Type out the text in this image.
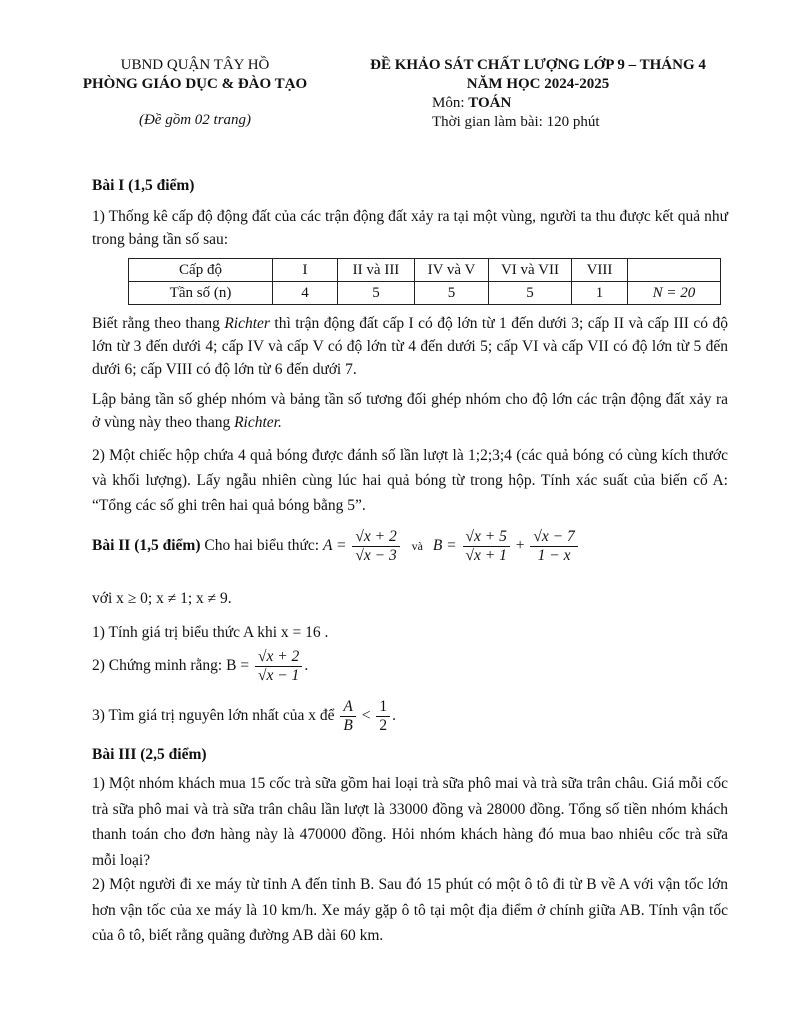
UBND QUẬN TÂY HỒ
PHÒNG GIÁO DỤC & ĐÀO TẠO
(Đề gồm 02 trang)
ĐỀ KHẢO SÁT CHẤT LƯỢNG LỚP 9 – THÁNG 4
NĂM HỌC 2024-2025
Môn: TOÁN
Thời gian làm bài: 120 phút
Bài I (1,5 điểm)
1) Thống kê cấp độ động đất của các trận động đất xảy ra tại một vùng, người ta thu được kết quả như trong bảng tần số sau:
Cấp độ	I	II và III	IV và V	VI và VII	VIII	
Tần số (n)	4	5	5	5	1	N = 20
Biết rằng theo thang Richter thì trận động đất cấp I có độ lớn từ 1 đến dưới 3; cấp II và cấp III có độ lớn từ 3 đến dưới 4; cấp IV và cấp V có độ lớn từ 4 đến dưới 5; cấp VI và cấp VII có độ lớn từ 5 đến dưới 6; cấp VIII có độ lớn từ 6 đến dưới 7.
Lập bảng tần số ghép nhóm và bảng tần số tương đối ghép nhóm cho độ lớn các trận động đất xảy ra ở vùng này theo thang Richter.
2) Một chiếc hộp chứa 4 quả bóng được đánh số lần lượt là 1;2;3;4 (các quả bóng có cùng kích thước và khối lượng). Lấy ngẫu nhiên cùng lúc hai quả bóng từ trong hộp. Tính xác suất của biến cố A: “Tổng các số ghi trên hai quả bóng bằng 5”.
Bài II (1,5 điểm) Cho hai biểu thức: $A = \frac{√x + 2}{√x - 3}$ và $B = \frac{√x + 5}{√x + 1} + \frac{√x - 7}{1 - x}$
với x ≥ 0; x ≠ 1; x ≠ 9.
1) Tính giá trị biểu thức A khi x = 16 .
2) Chứng minh rằng: $B = \frac{√x + 2}{√x - 1}$ .
3) Tìm giá trị nguyên lớn nhất của x để $\frac{A}{B} < \frac{1}{2}$ .
Bài III (2,5 điểm)
1) Một nhóm khách mua 15 cốc trà sữa gồm hai loại trà sữa phô mai và trà sữa trân châu. Giá mỗi cốc trà sữa phô mai và trà sữa trân châu lần lượt là 33000 đồng và 28000 đồng. Tổng số tiền nhóm khách thanh toán cho đơn hàng này là 470000 đồng. Hỏi nhóm khách hàng đó mua bao nhiêu cốc trà sữa mỗi loại?
2) Một người đi xe máy từ tỉnh A đến tỉnh B. Sau đó 15 phút có một ô tô đi từ B về A với vận tốc lớn hơn vận tốc của xe máy là 10 km/h. Xe máy gặp ô tô tại một địa điểm ở chính giữa AB. Tính vận tốc của ô tô, biết rằng quãng đường AB dài 60 km.
